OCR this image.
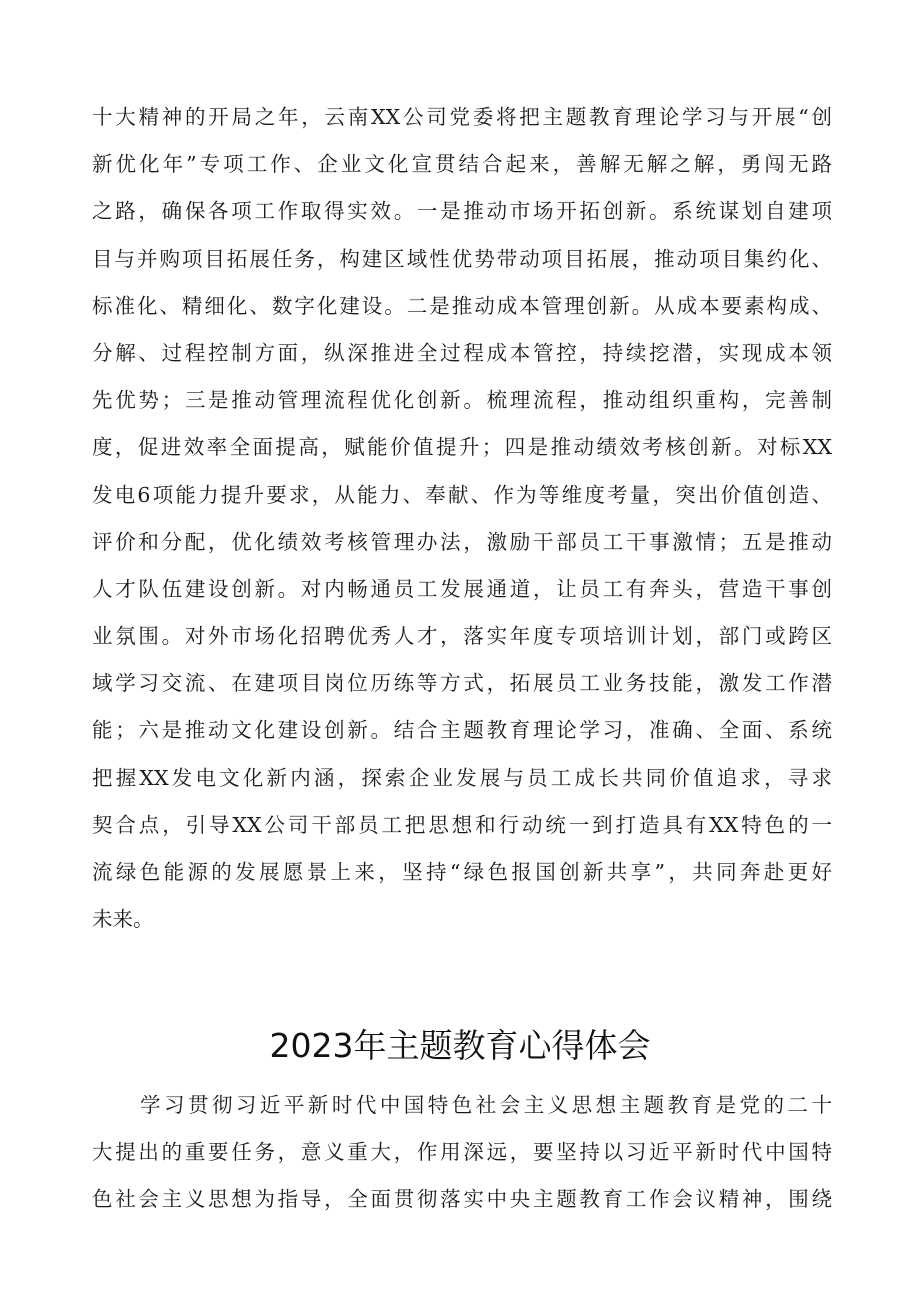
十大精神的开局之年，云南XX公司党委将把主题教育理论学习与开展“创
新优化年”专项工作、企业文化宣贯结合起来，善解无解之解，勇闯无路
之路，确保各项工作取得实效。一是推动市场开拓创新。系统谋划自建项
目与并购项目拓展任务，构建区域性优势带动项目拓展，推动项目集约化、
标准化、精细化、数字化建设。二是推动成本管理创新。从成本要素构成、
分解、过程控制方面，纵深推进全过程成本管控，持续挖潜，实现成本领
先优势；三是推动管理流程优化创新。梳理流程，推动组织重构，完善制
度，促进效率全面提高，赋能价值提升；四是推动绩效考核创新。对标XX
发电6项能力提升要求，从能力、奉献、作为等维度考量，突出价值创造、
评价和分配，优化绩效考核管理办法，激励干部员工干事激情；五是推动
人才队伍建设创新。对内畅通员工发展通道，让员工有奔头，营造干事创
业氛围。对外市场化招聘优秀人才，落实年度专项培训计划，部门或跨区
域学习交流、在建项目岗位历练等方式，拓展员工业务技能，激发工作潜
能；六是推动文化建设创新。结合主题教育理论学习，准确、全面、系统
把握XX发电文化新内涵，探索企业发展与员工成长共同价值追求，寻求
契合点，引导XX公司干部员工把思想和行动统一到打造具有XX特色的一
流绿色能源的发展愿景上来，坚持“绿色报国创新共享”，共同奔赴更好
未来。
2023年主题教育心得体会
学习贯彻习近平新时代中国特色社会主义思想主题教育是党的二十
大提出的重要任务，意义重大，作用深远，要坚持以习近平新时代中国特
色社会主义思想为指导，全面贯彻落实中央主题教育工作会议精神，围绕
